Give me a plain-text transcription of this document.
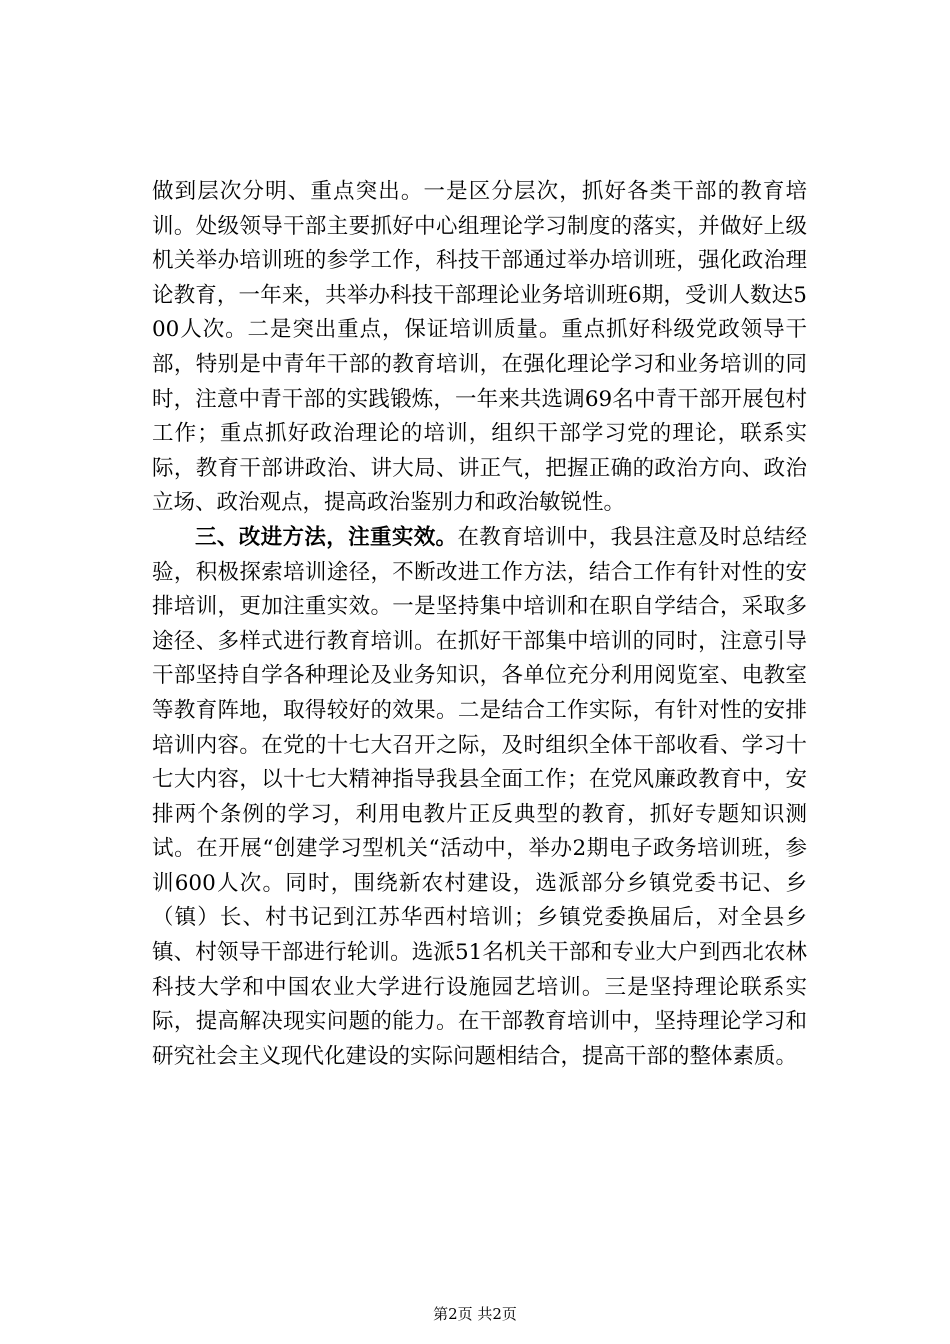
做到层次分明、重点突出。一是区分层次，抓好各类干部的教育培训。处级领导干部主要抓好中心组理论学习制度的落实，并做好上级机关举办培训班的参学工作，科技干部通过举办培训班，强化政治理论教育，一年来，共举办科技干部理论业务培训班6期，受训人数达500人次。二是突出重点，保证培训质量。重点抓好科级党政领导干部，特别是中青年干部的教育培训，在强化理论学习和业务培训的同时，注意中青干部的实践锻炼，一年来共选调69名中青干部开展包村工作；重点抓好政治理论的培训，组织干部学习党的理论，联系实际，教育干部讲政治、讲大局、讲正气，把握正确的政治方向、政治立场、政治观点，提高政治鉴别力和政治敏锐性。

三、改进方法，注重实效。在教育培训中，我县注意及时总结经验，积极探索培训途径，不断改进工作方法，结合工作有针对性的安排培训，更加注重实效。一是坚持集中培训和在职自学结合，采取多途径、多样式进行教育培训。在抓好干部集中培训的同时，注意引导干部坚持自学各种理论及业务知识，各单位充分利用阅览室、电教室等教育阵地，取得较好的效果。二是结合工作实际，有针对性的安排培训内容。在党的十七大召开之际，及时组织全体干部收看、学习十七大内容，以十七大精神指导我县全面工作；在党风廉政教育中，安排两个条例的学习，利用电教片正反典型的教育，抓好专题知识测试。在开展“创建学习型机关“活动中，举办2期电子政务培训班，参训600人次。同时，围绕新农村建设，选派部分乡镇党委书记、乡（镇）长、村书记到江苏华西村培训；乡镇党委换届后，对全县乡镇、村领导干部进行轮训。选派51名机关干部和专业大户到西北农林科技大学和中国农业大学进行设施园艺培训。三是坚持理论联系实际，提高解决现实问题的能力。在干部教育培训中，坚持理论学习和研究社会主义现代化建设的实际问题相结合，提高干部的整体素质。

第2页 共2页
